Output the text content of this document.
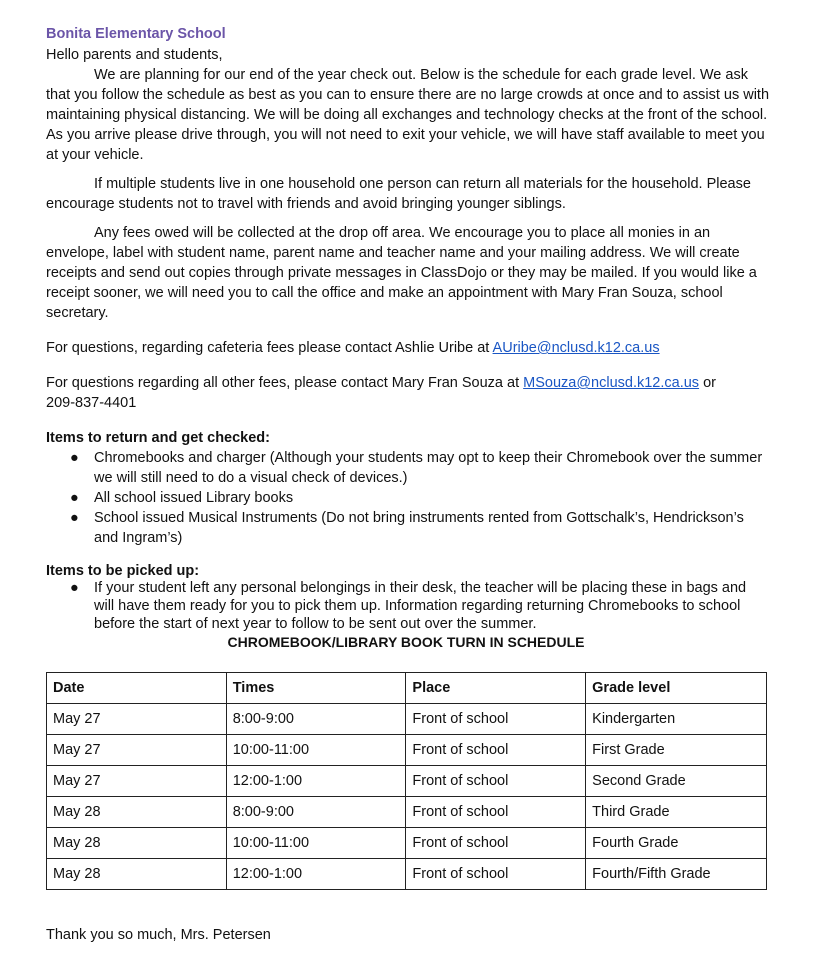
Bonita Elementary School
Hello parents and students,

We are planning for our end of the year check out. Below is the schedule for each grade level. We ask that you follow the schedule as best as you can to ensure there are no large crowds at once and to assist us with maintaining physical distancing. We will be doing all exchanges and technology checks at the front of the school. As you arrive please drive through, you will not need to exit your vehicle, we will have staff available to meet you at your vehicle.

If multiple students live in one household one person can return all materials for the household. Please encourage students not to travel with friends and avoid bringing younger siblings.

Any fees owed will be collected at the drop off area. We encourage you to place all monies in an envelope, label with student name, parent name and teacher name and your mailing address. We will create receipts and send out copies through private messages in ClassDojo or they may be mailed. If you would like a receipt sooner, we will need you to call the office and make an appointment with Mary Fran Souza, school secretary.

For questions, regarding cafeteria fees please contact Ashlie Uribe at AUribe@nclusd.k12.ca.us

For questions regarding all other fees, please contact Mary Fran Souza at MSouza@nclusd.k12.ca.us or
209-837-4401

Items to return and get checked:
● Chromebooks and charger (Although your students may opt to keep their Chromebook over the summer we will still need to do a visual check of devices.)
● All school issued Library books
● School issued Musical Instruments (Do not bring instruments rented from Gottschalk’s, Hendrickson’s and Ingram’s)
Items to be picked up:
● If your student left any personal belongings in their desk, the teacher will be placing these in bags and will have them ready for you to pick them up. Information regarding returning Chromebooks to school before the start of next year to follow to be sent out over the summer.
CHROMEBOOK/LIBRARY BOOK TURN IN SCHEDULE
Date	Times	Place	Grade level
May 27	8:00-9:00	Front of school	Kindergarten
May 27	10:00-11:00	Front of school	First Grade
May 27	12:00-1:00	Front of school	Second Grade
May 28	8:00-9:00	Front of school	Third Grade
May 28	10:00-11:00	Front of school	Fourth Grade
May 28	12:00-1:00	Front of school	Fourth/Fifth Grade
Thank you so much, Mrs. Petersen
